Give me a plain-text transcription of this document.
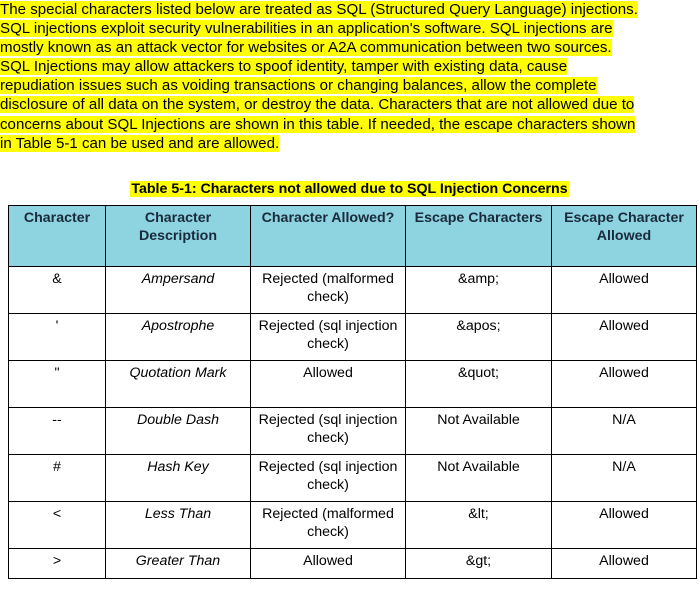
The special characters listed below are treated as SQL (Structured Query Language) injections.
SQL injections exploit security vulnerabilities in an application's software. SQL injections are
mostly known as an attack vector for websites or A2A communication between two sources.
SQL Injections may allow attackers to spoof identity, tamper with existing data, cause
repudiation issues such as voiding transactions or changing balances, allow the complete
disclosure of all data on the system, or destroy the data. Characters that are not allowed due to
concerns about SQL Injections are shown in this table. If needed, the escape characters shown
in Table 5-1 can be used and are allowed.
Table 5-1: Characters not allowed due to SQL Injection Concerns
Character	Character Description	Character Allowed?	Escape Characters	Escape Character Allowed
&	Ampersand	Rejected (malformed check)	&amp;	Allowed
'	Apostrophe	Rejected (sql injection check)	&apos;	Allowed
"	Quotation Mark	Allowed	&quot;	Allowed
--	Double Dash	Rejected (sql injection check)	Not Available	N/A
#	Hash Key	Rejected (sql injection check)	Not Available	N/A
<	Less Than	Rejected (malformed check)	&lt;	Allowed
>	Greater Than	Allowed	&gt;	Allowed
